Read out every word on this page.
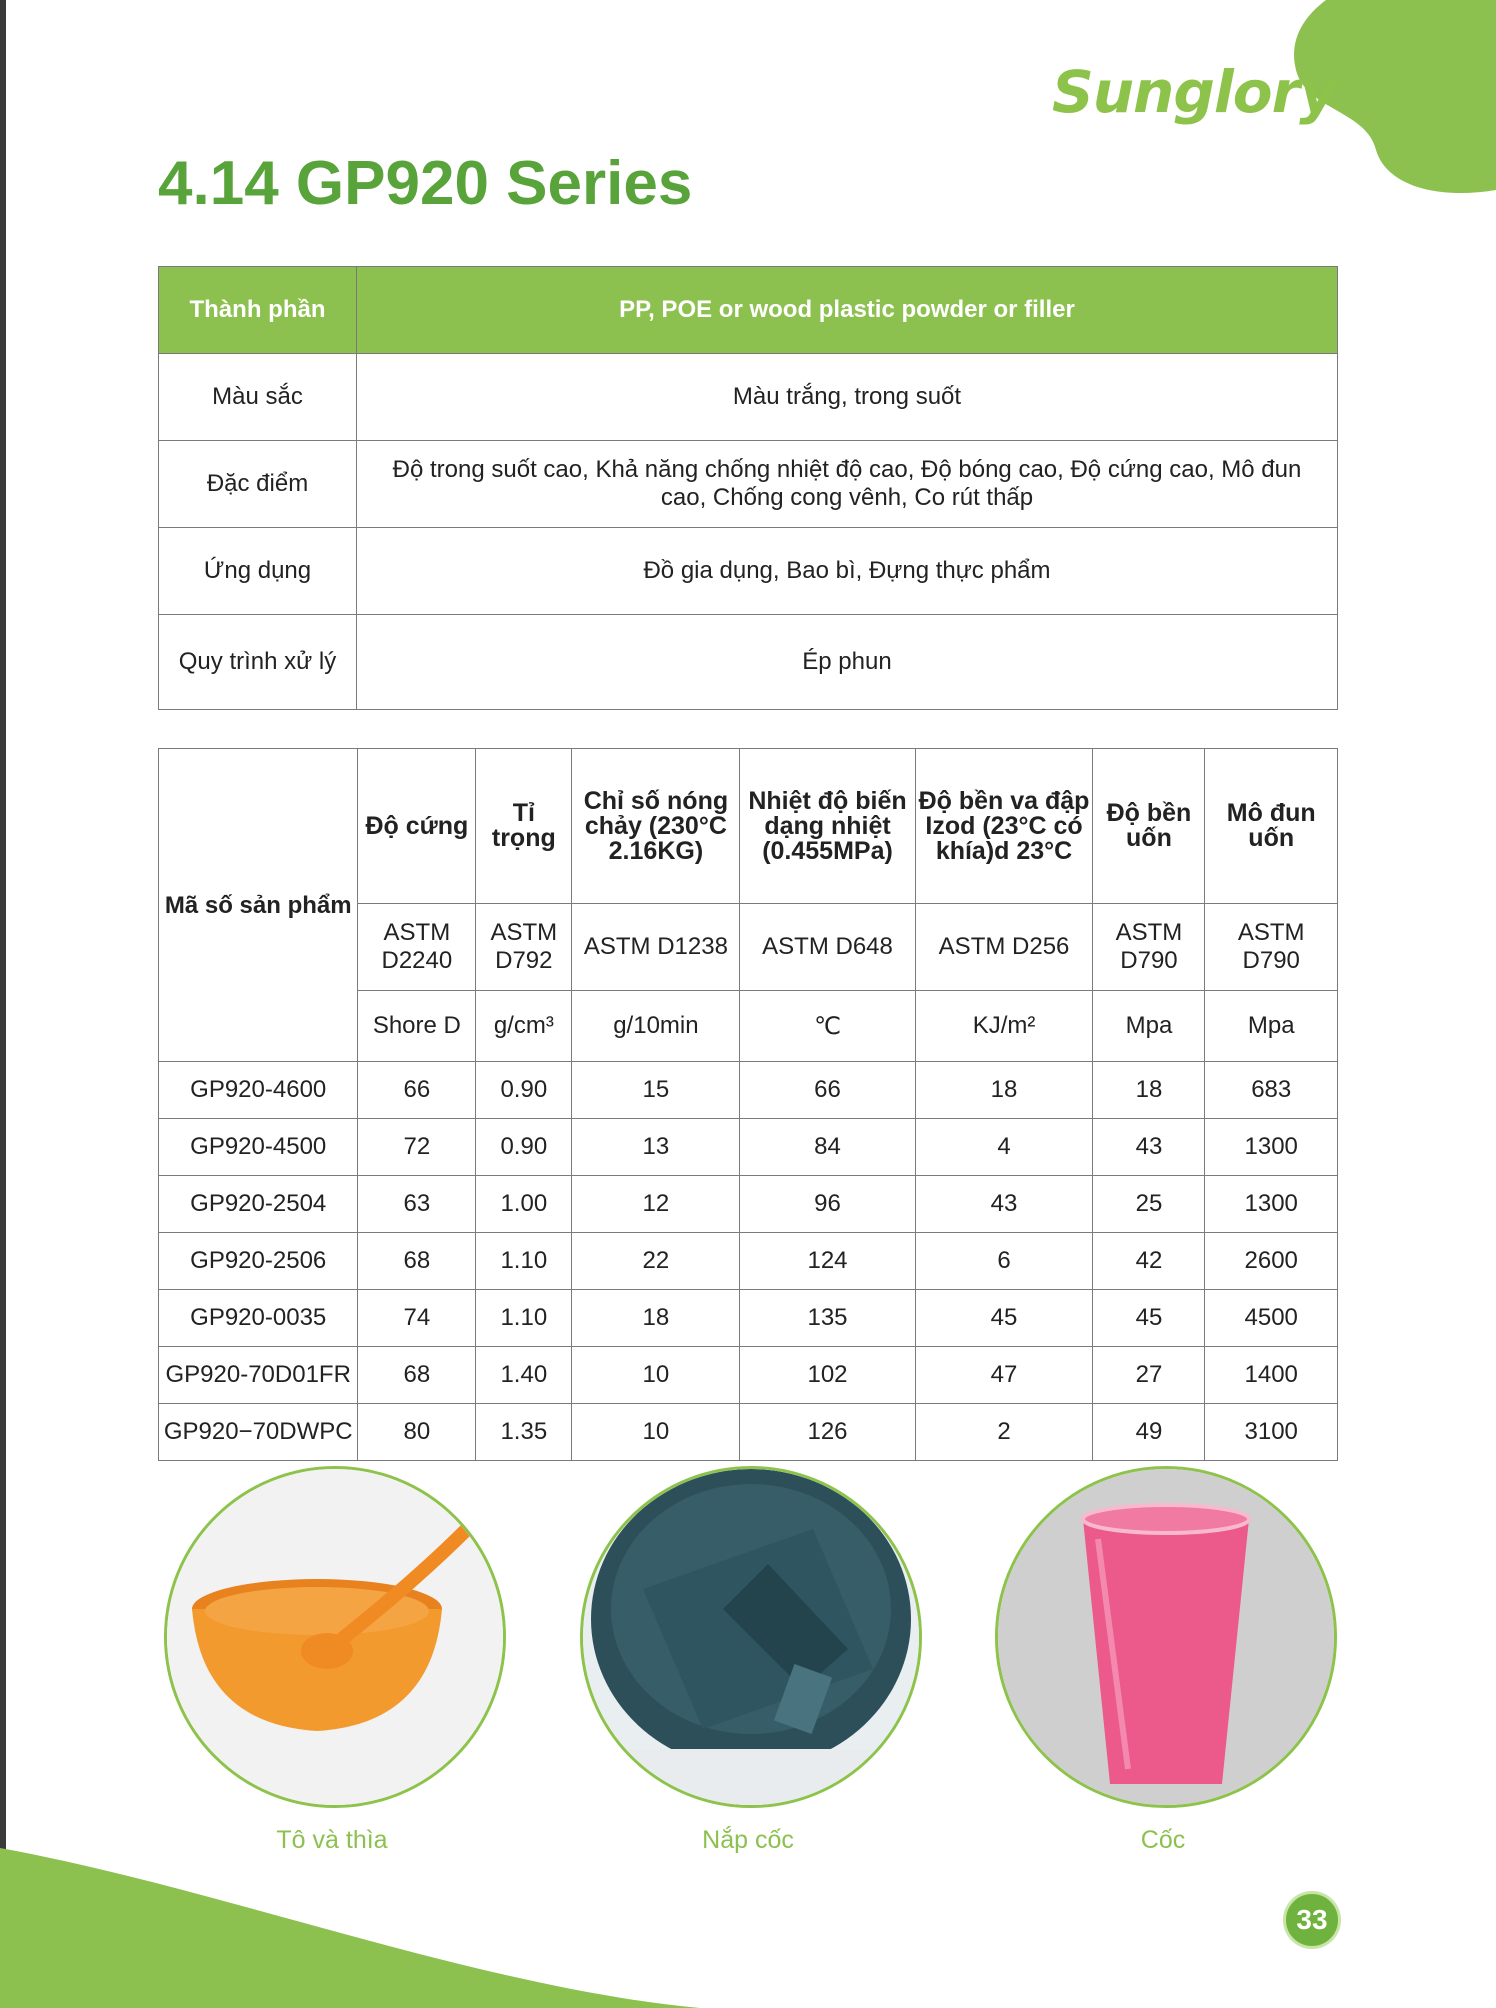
Sunglory
4.14 GP920 Series
Thành phần	PP, POE or wood plastic powder or filler
Màu sắc	Màu trắng, trong suốt
Đặc điểm	Độ trong suốt cao, Khả năng chống nhiệt độ cao, Độ bóng cao, Độ cứng cao, Mô đun cao, Chống cong vênh, Co rút thấp
Ứng dụng	Đồ gia dụng, Bao bì, Đựng thực phẩm
Quy trình xử lý	Ép phun
Mã số sản phẩm	Độ cứng	Tỉ trọng	Chỉ số nóng chảy (230°C 2.16KG)	Nhiệt độ biến dạng nhiệt (0.455MPa)	Độ bền va đập Izod (23°C có khía)d 23°C	Độ bền uốn	Mô đun uốn
	ASTM D2240	ASTM D792	ASTM D1238	ASTM D648	ASTM D256	ASTM D790	ASTM D790
	Shore D	g/cm³	g/10min	℃	KJ/m²	Mpa	Mpa
GP920-4600	66	0.90	15	66	18	18	683
GP920-4500	72	0.90	13	84	4	43	1300
GP920-2504	63	1.00	12	96	43	25	1300
GP920-2506	68	1.10	22	124	6	42	2600
GP920-0035	74	1.10	18	135	45	45	4500
GP920-70D01FR	68	1.40	10	102	47	27	1400
GP920−70DWPC	80	1.35	10	126	2	49	3100
Tô và thìa	Nắp cốc	Cốc
33
